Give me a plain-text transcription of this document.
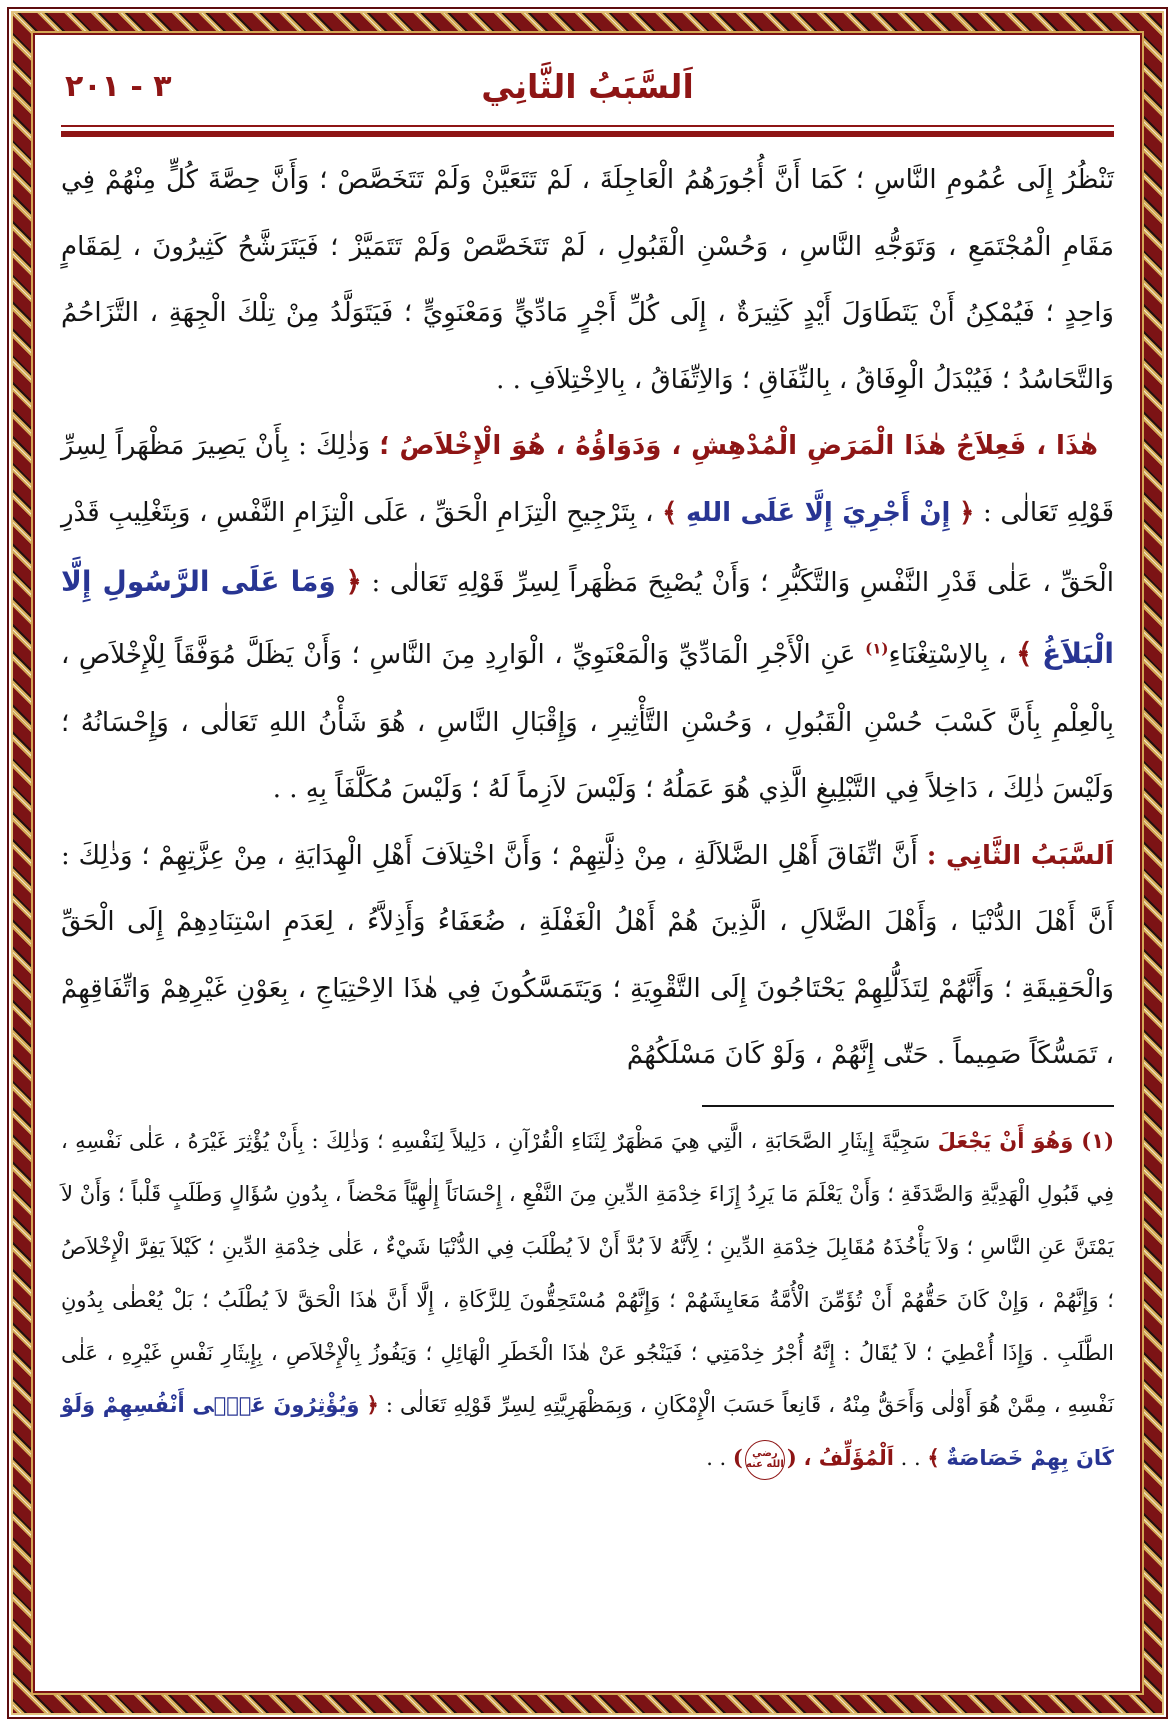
٣ - ٢٠١	اَلسَّبَبُ الثَّانِي

تَنْظُرُ إِلَى عُمُومِ النَّاسِ ؛ كَمَا أَنَّ أُجُورَهُمُ الْعَاجِلَةَ ، لَمْ تَتَعَيَّنْ وَلَمْ تَتَخَصَّصْ ؛ وَأَنَّ حِصَّةَ كُلٍّ مِنْهُمْ فِي مَقَامِ الْمُجْتَمَعِ ، وَتَوَجُّهِ النَّاسِ ، وَحُسْنِ الْقَبُولِ ، لَمْ تَتَخَصَّصْ وَلَمْ تَتَمَيَّزْ ؛ فَيَتَرَشَّحُ كَثِيرُونَ ، لِمَقَامٍ وَاحِدٍ ؛ فَيُمْكِنُ أَنْ يَتَطَاوَلَ أَيْدٍ كَثِيرَةٌ ، إِلَى كُلِّ أَجْرٍ مَادِّيٍّ وَمَعْنَوِيٍّ ؛ فَيَتَوَلَّدُ مِنْ تِلْكَ الْجِهَةِ ، التَّزَاحُمُ وَالتَّحَاسُدُ ؛ فَيُبْدَلُ الْوِفَاقُ ، بِالنِّفَاقِ ؛ وَالاِتِّفَاقُ ، بِالاِخْتِلاَفِ . .

هٰذَا ، فَعِلاَجُ هٰذَا الْمَرَضِ الْمُدْهِشِ ، وَدَوَاؤُهُ ، هُوَ الْإِخْلاَصُ ؛ وَذٰلِكَ : بِأَنْ يَصِيرَ مَظْهَراً لِسِرِّ قَوْلِهِ تَعَالٰى : ﴿ إِنْ أَجْرِيَ إِلَّا عَلَى اللهِ ﴾ ، بِتَرْجِيحِ الْتِزَامِ الْحَقِّ ، عَلَى الْتِزَامِ النَّفْسِ ، وَبِتَغْلِيبِ قَدْرِ الْحَقِّ ، عَلٰى قَدْرِ النَّفْسِ وَالتَّكَبُّرِ ؛ وَأَنْ يُصْبِحَ مَظْهَراً لِسِرِّ قَوْلِهِ تَعَالٰى : ﴿ وَمَا عَلَى الرَّسُولِ إِلَّا الْبَلاَغُ ﴾ ، بِالاِسْتِغْنَاءِ$^{(١)}$ عَنِ الْأَجْرِ الْمَادِّيِّ وَالْمَعْنَوِيِّ ، الْوَارِدِ مِنَ النَّاسِ ؛ وَأَنْ يَظَلَّ مُوَفَّقَاً لِلْإِخْلاَصِ ، بِالْعِلْمِ بِأَنَّ كَسْبَ حُسْنِ الْقَبُولِ ، وَحُسْنِ التَّأْثِيرِ ، وَإِقْبَالِ النَّاسِ ، هُوَ شَأْنُ اللهِ تَعَالٰى ، وَإِحْسَانُهُ ؛ وَلَيْسَ ذٰلِكَ ، دَاخِلاً فِي التَّبْلِيغِ الَّذِي هُوَ عَمَلُهُ ؛ وَلَيْسَ لاَزِماً لَهُ ؛ وَلَيْسَ مُكَلَّفَاً بِهِ . .

اَلسَّبَبُ الثَّانِي : أَنَّ اتِّفَاقَ أَهْلِ الضَّلاَلَةِ ، مِنْ ذِلَّتِهِمْ ؛ وَأَنَّ اخْتِلاَفَ أَهْلِ الْهِدَايَةِ ، مِنْ عِزَّتِهِمْ ؛ وَذٰلِكَ : أَنَّ أَهْلَ الدُّنْيَا ، وَأَهْلَ الضَّلاَلِ ، الَّذِينَ هُمْ أَهْلُ الْغَفْلَةِ ، ضُعَفَاءُ وَأَذِلاَّءُ ، لِعَدَمِ اسْتِنَادِهِمْ إِلَى الْحَقِّ وَالْحَقِيقَةِ ؛ وَأَنَّهُمْ لِتَذَلُّلِهِمْ يَحْتَاجُونَ إِلَى التَّقْوِيَةِ ؛ وَيَتَمَسَّكُونَ فِي هٰذَا الاِحْتِيَاجِ ، بِعَوْنِ غَيْرِهِمْ وَاتِّفَاقِهِمْ ، تَمَسُّكَاً صَمِيماً . حَتّٰى إِنَّهُمْ ، وَلَوْ كَانَ مَسْلَكُهُمْ

(١) وَهُوَ أَنْ يَجْعَلَ سَجِيَّةَ إِيثَارِ الصَّحَابَةِ ، الَّتِي هِيَ مَظْهَرٌ لِثَنَاءِ الْقُرْآنِ ، دَلِيلاً لِنَفْسِهِ ؛ وَذٰلِكَ : بِأَنْ يُؤْثِرَ غَيْرَهُ ، عَلٰى نَفْسِهِ ، فِي قَبُولِ الْهَدِيَّةِ وَالصَّدَقَةِ ؛ وَأَنْ يَعْلَمَ مَا يَرِدُ إِزَاءَ خِدْمَةِ الدِّينِ مِنَ النَّفْعِ ، إِحْسَانَاً إِلٰهِيَّاً مَحْضاً ، بِدُونِ سُؤَالٍ وَطَلَبٍ قَلْباً ؛ وَأَنْ لاَ يَمْتَنَّ عَنِ النَّاسِ ؛ وَلاَ يَأْخُذَهُ مُقَابِلَ خِدْمَةِ الدِّينِ ؛ لِأَنَّهُ لاَ بُدَّ أَنْ لاَ يُطْلَبَ فِي الدُّنْيَا شَيْءٌ ، عَلٰى خِدْمَةِ الدِّينِ ؛ كَيْلاَ يَفِرَّ الْإِخْلاَصُ ؛ وَإِنَّهُمْ ، وَإِنْ كَانَ حَقُّهُمْ أَنْ تُؤَمِّنَ الْأُمَّةُ مَعَايِشَهُمْ ؛ وَإِنَّهُمْ مُسْتَحِقُّونَ لِلزَّكَاةِ ، إِلَّا أَنَّ هٰذَا الْحَقَّ لاَ يُطْلَبُ ؛ بَلْ يُعْطٰى بِدُونِ الطَّلَبِ . وَإِذَا أُعْطِيَ ؛ لاَ يُقَالُ : إِنَّهُ أُجْرُ خِدْمَتِي ؛ فَيَنْجُو عَنْ هٰذَا الْخَطَرِ الْهَائِلِ ؛ وَيَفُوزُ بِالْإِخْلاَصِ ، بِإِيثَارِ نَفْسِ غَيْرِهِ ، عَلٰى نَفْسِهِ ، مِمَّنْ هُوَ أَوْلٰى وَأَحَقُّ مِنْهُ ، قَانِعاً حَسَبَ الْإِمْكَانِ ، وَبِمَظْهَرِيَّتِهِ لِسِرِّ قَوْلِهِ تَعَالٰى : ﴿ وَيُؤْثِرُونَ عَلٰۤى أَنْفُسِهِمْ وَلَوْ كَانَ بِهِمْ خَصَاصَةٌ ﴾ . . اَلْمُؤَلِّفُ ، (رضي الله عنه) . .
